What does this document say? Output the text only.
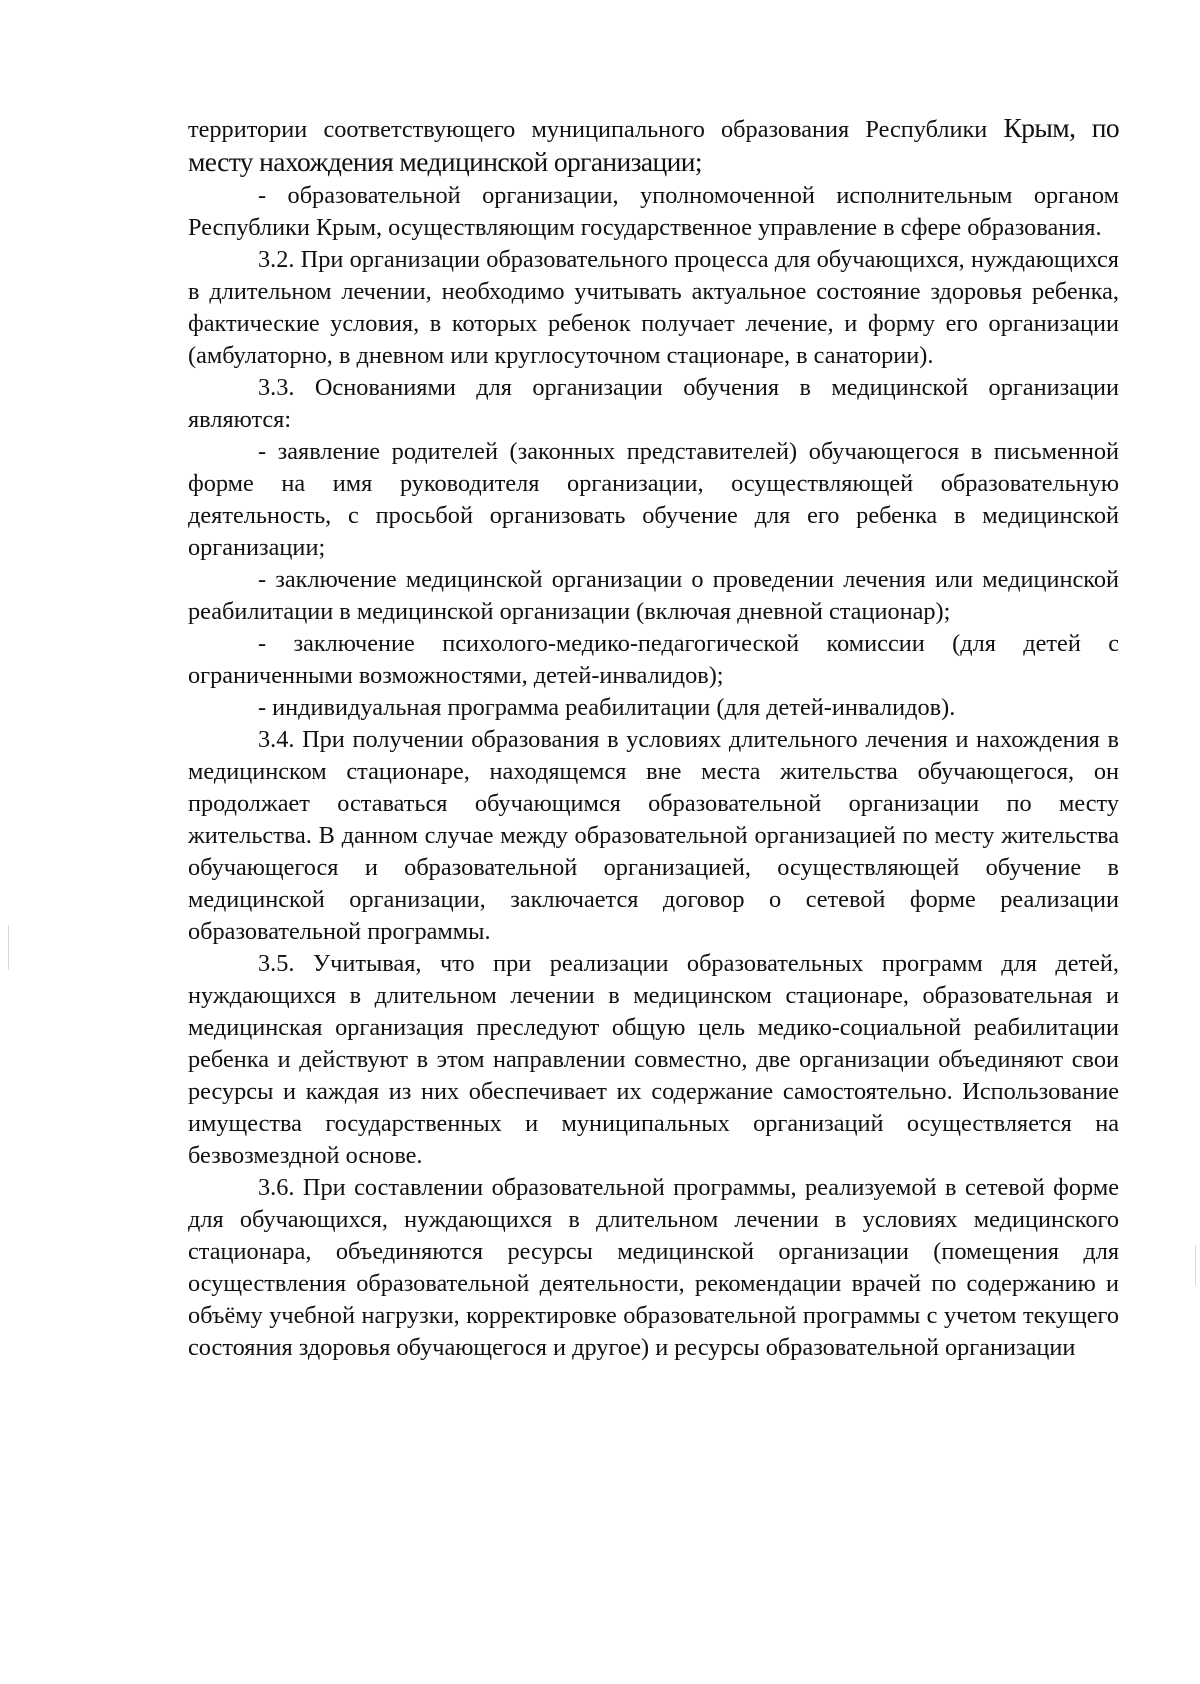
территории соответствующего муниципального образования Республики Крым, по месту нахождения медицинской организации;

- образовательной организации, уполномоченной исполнительным органом Республики Крым, осуществляющим государственное управление в сфере образования.

3.2. При организации образовательного процесса для обучающихся, нуждающихся в длительном лечении, необходимо учитывать актуальное состояние здоровья ребенка, фактические условия, в которых ребенок получает лечение, и форму его организации (амбулаторно, в дневном или круглосуточном стационаре, в санатории).

3.3. Основаниями для организации обучения в медицинской организации являются:

- заявление родителей (законных представителей) обучающегося в письменной форме на имя руководителя организации, осуществляющей образовательную деятельность, с просьбой организовать обучение для его ребенка в медицинской организации;

- заключение медицинской организации о проведении лечения или медицинской реабилитации в медицинской организации (включая дневной стационар);

- заключение психолого-медико-педагогической комиссии (для детей с ограниченными возможностями, детей-инвалидов);

- индивидуальная программа реабилитации (для детей-инвалидов).

3.4. При получении образования в условиях длительного лечения и нахождения в медицинском стационаре, находящемся вне места жительства обучающегося, он продолжает оставаться обучающимся образовательной организации по месту жительства. В данном случае между образовательной организацией по месту жительства обучающегося и образовательной организацией, осуществляющей обучение в медицинской организации, заключается договор о сетевой форме реализации образовательной программы.

3.5. Учитывая, что при реализации образовательных программ для детей, нуждающихся в длительном лечении в медицинском стационаре, образовательная и медицинская организация преследуют общую цель медико-социальной реабилитации ребенка и действуют в этом направлении совместно, две организации объединяют свои ресурсы и каждая из них обеспечивает их содержание самостоятельно. Использование имущества государственных и муниципальных организаций осуществляется на безвозмездной основе.

3.6. При составлении образовательной программы, реализуемой в сетевой форме для обучающихся, нуждающихся в длительном лечении в условиях медицинского стационара, объединяются ресурсы медицинской организации (помещения для осуществления образовательной деятельности, рекомендации врачей по содержанию и объёму учебной нагрузки, корректировке образовательной программы с учетом текущего состояния здоровья обучающегося и другое) и ресурсы образовательной организации
